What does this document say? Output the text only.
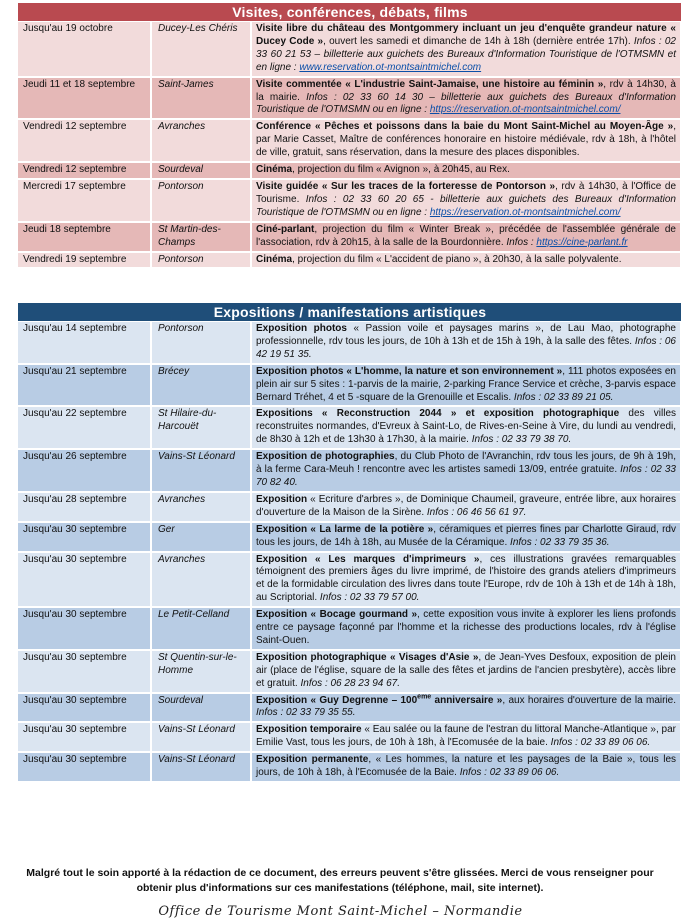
Visites, conférences, débats, films
Jusqu'au 19 octobre	Ducey-Les Chéris	Visite libre du château des Montgommery incluant un jeu d'enquête grandeur nature « Ducey Code », ouvert les samedi et dimanche de 14h à 18h (dernière entrée 17h). Infos : 02 33 60 21 53 – billetterie aux guichets des Bureaux d'Information Touristique de l'OTMSMN et en ligne : www.reservation.ot-montsaintmichel.com
Jeudi 11 et 18 septembre	Saint-James	Visite commentée « L'industrie Saint-Jamaise, une histoire au féminin », rdv à 14h30, à la mairie. Infos : 02 33 60 14 30 – billetterie aux guichets des Bureaux d'Information Touristique de l'OTMSMN ou en ligne : https://reservation.ot-montsaintmichel.com/
Vendredi 12 septembre	Avranches	Conférence « Pêches et poissons dans la baie du Mont Saint-Michel au Moyen-Âge », par Marie Casset, Maître de conférences honoraire en histoire médiévale, rdv à 18h, à l'hôtel de ville, gratuit, sans réservation, dans la mesure des places disponibles.
Vendredi 12 septembre	Sourdeval	Cinéma, projection du film « Avignon », à 20h45, au Rex.
Mercredi 17 septembre	Pontorson	Visite guidée « Sur les traces de la forteresse de Pontorson », rdv à 14h30, à l'Office de Tourisme. Infos : 02 33 60 20 65 - billetterie aux guichets des Bureaux d'Information Touristique de l'OTMSMN ou en ligne : https://reservation.ot-montsaintmichel.com/
Jeudi 18 septembre	St Martin-des-Champs	Ciné-parlant, projection du film « Winter Break », précédée de l'assemblée générale de l'association, rdv à 20h15, à la salle de la Bourdonnière. Infos : https://cine-parlant.fr
Vendredi 19 septembre	Pontorson	Cinéma, projection du film « L'accident de piano », à 20h30, à la salle polyvalente.
Expositions / manifestations artistiques
Jusqu'au 14 septembre	Pontorson	Exposition photos « Passion voile et paysages marins », de Lau Mao, photographe professionnelle, rdv tous les jours, de 10h à 13h et de 15h à 19h, à la salle des fêtes. Infos : 06 42 19 51 35.
Jusqu'au 21 septembre	Brécey	Exposition photos « L'homme, la nature et son environnement », 111 photos exposées en plein air sur 5 sites : 1-parvis de la mairie, 2-parking France Service et crèche, 3-parvis espace Bernard Tréhet, 4 et 5 -square de la Grenouille et Escalis. Infos : 02 33 89 21 05.
Jusqu'au 22 septembre	St Hilaire-du-Harcouët	Expositions « Reconstruction 2044 » et exposition photographique des villes reconstruites normandes, d'Evreux à Saint-Lo, de Rives-en-Seine à Vire, du lundi au vendredi, de 8h30 à 12h et de 13h30 à 17h30, à la mairie. Infos : 02 33 79 38 70.
Jusqu'au 26 septembre	Vains-St Léonard	Exposition de photographies, du Club Photo de l'Avranchin, rdv tous les jours, de 9h à 19h, à la ferme Cara-Meuh ! rencontre avec les artistes samedi 13/09, entrée gratuite. Infos : 02 33 70 82 40.
Jusqu'au 28 septembre	Avranches	Exposition « Ecriture d'arbres », de Dominique Chaumeil, graveure, entrée libre, aux horaires d'ouverture de la Maison de la Sirène. Infos : 06 46 56 61 97.
Jusqu'au 30 septembre	Ger	Exposition « La larme de la potière », céramiques et pierres fines par Charlotte Giraud, rdv tous les jours, de 14h à 18h, au Musée de la Céramique. Infos : 02 33 79 35 36.
Jusqu'au 30 septembre	Avranches	Exposition « Les marques d'imprimeurs », ces illustrations gravées remarquables témoignent des premiers âges du livre imprimé, de l'histoire des grands ateliers d'imprimeurs et de la formidable circulation des livres dans toute l'Europe, rdv de 10h à 13h et de 14h à 18h, au Scriptorial. Infos : 02 33 79 57 00.
Jusqu'au 30 septembre	Le Petit-Celland	Exposition « Bocage gourmand », cette exposition vous invite à explorer les liens profonds entre ce paysage façonné par l'homme et la richesse des productions locales, rdv à l'église Saint-Ouen.
Jusqu'au 30 septembre	St Quentin-sur-le-Homme	Exposition photographique « Visages d'Asie », de Jean-Yves Desfoux, exposition de plein air (place de l'église, square de la salle des fêtes et jardins de l'ancien presbytère), accès libre et gratuit. Infos : 06 28 23 94 67.
Jusqu'au 30 septembre	Sourdeval	Exposition « Guy Degrenne – 100ème anniversaire », aux horaires d'ouverture de la mairie. Infos : 02 33 79 35 55.
Jusqu'au 30 septembre	Vains-St Léonard	Exposition temporaire « Eau salée ou la faune de l'estran du littoral Manche-Atlantique », par Emilie Vast, tous les jours, de 10h à 18h, à l'Ecomusée de la baie. Infos : 02 33 89 06 06.
Jusqu'au 30 septembre	Vains-St Léonard	Exposition permanente, « Les hommes, la nature et les paysages de la Baie », tous les jours, de 10h à 18h, à l'Ecomusée de la Baie. Infos : 02 33 89 06 06.
Malgré tout le soin apporté à la rédaction de ce document, des erreurs peuvent s'être glissées. Merci de vous renseigner pour obtenir plus d'informations sur ces manifestations (téléphone, mail, site internet).
Office de Tourisme Mont Saint-Michel – Normandie
